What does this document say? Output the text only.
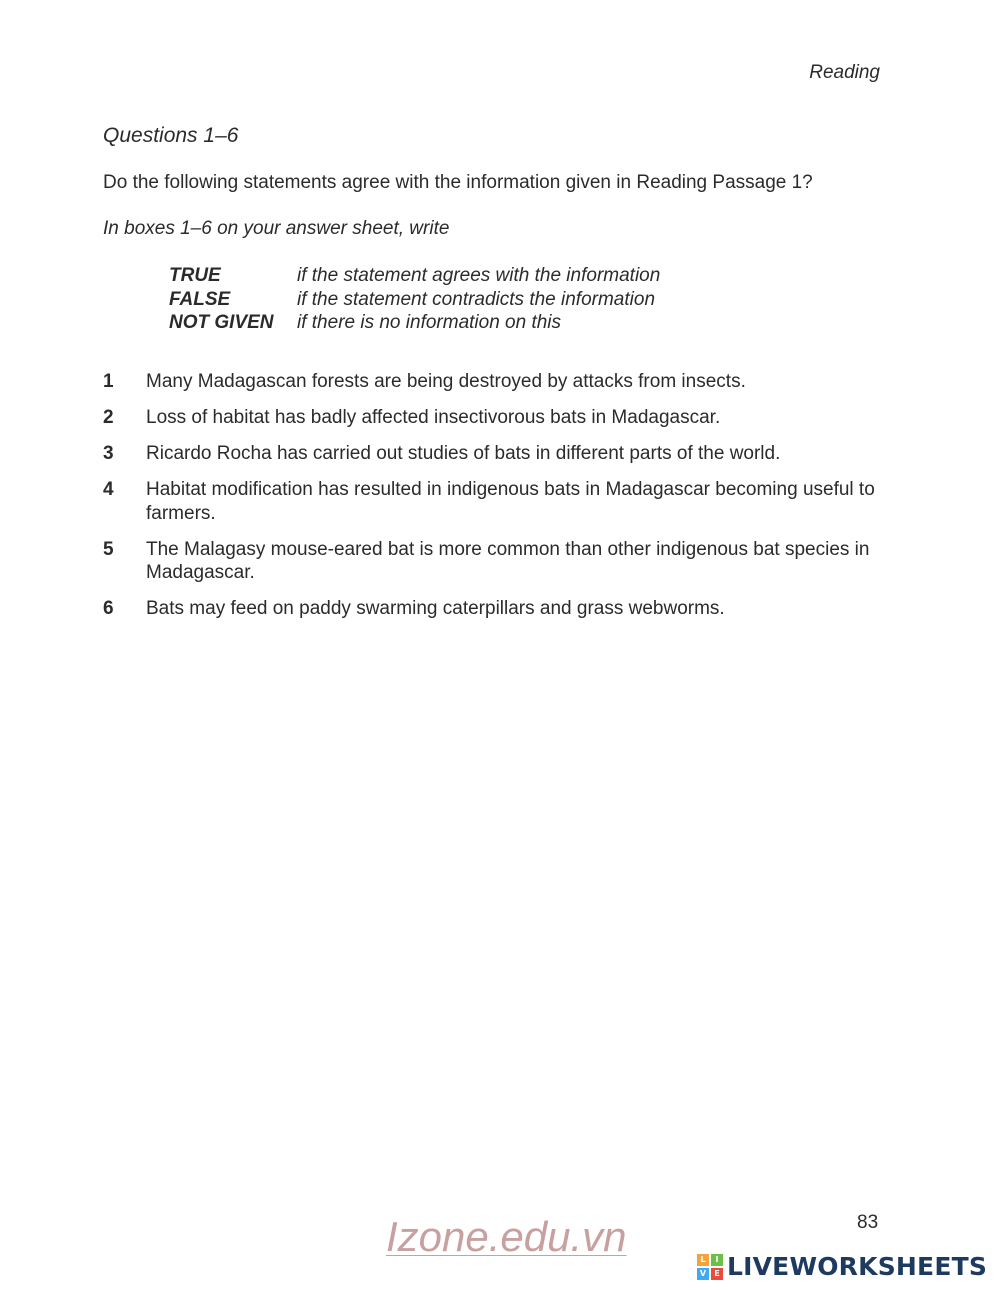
Reading
Questions 1–6
Do the following statements agree with the information given in Reading Passage 1?
In boxes 1–6 on your answer sheet, write
TRUE	if the statement agrees with the information
FALSE	if the statement contradicts the information
NOT GIVEN	if there is no information on this
1	Many Madagascan forests are being destroyed by attacks from insects.
2	Loss of habitat has badly affected insectivorous bats in Madagascar.
3	Ricardo Rocha has carried out studies of bats in different parts of the world.
4	Habitat modification has resulted in indigenous bats in Madagascar becoming useful to farmers.
5	The Malagasy mouse-eared bat is more common than other indigenous bat species in Madagascar.
6	Bats may feed on paddy swarming caterpillars and grass webworms.
83
Izone.edu.vn	L	I
V	E LIVEWORKSHEETS
